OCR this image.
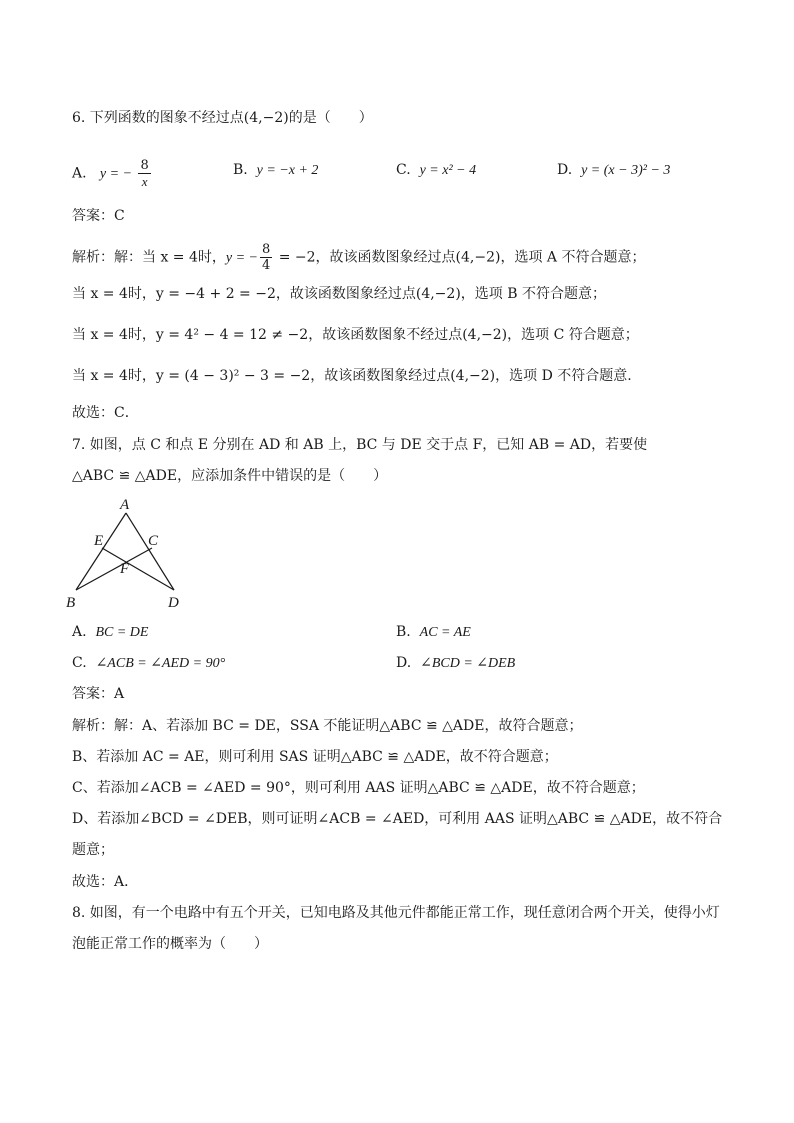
6. 下列函数的图象不经过点(4,−2)的是（　　）
A. y = − $\frac{8}{x}$	B. y = −x + 2	C. y = x² − 4	D. y = (x − 3)² − 3
答案：C
解析：解：当 x = 4时，y = − $\frac{8}{4} = -2$，故该函数图象经过点(4,−2)，选项 A 不符合题意；
当 x = 4时，y = −4 + 2 = −2，故该函数图象经过点(4,−2)，选项 B 不符合题意；
当 x = 4时，y = 4² − 4 = 12 ≠ −2，故该函数图象不经过点(4,−2)，选项 C 符合题意；
当 x = 4时，y = (4 − 3)² − 3 = −2，故该函数图象经过点(4,−2)，选项 D 不符合题意.
故选：C．
7. 如图，点 C 和点 E 分别在 AD 和 AB 上，BC 与 DE 交于点 F，已知 AB = AD，若要使
△ABC ≌ △ADE，应添加条件中错误的是（　　）
A
B
C
D
E
F
A. BC = DE	B. AC = AE
C. ∠ACB = ∠AED = 90°	D. ∠BCD = ∠DEB
答案：A
解析：解：A、若添加 BC = DE，SSA 不能证明△ABC ≌ △ADE，故符合题意；
B、若添加 AC = AE，则可利用 SAS 证明△ABC ≌ △ADE，故不符合题意；
C、若添加∠ACB = ∠AED = 90°，则可利用 AAS 证明△ABC ≌ △ADE，故不符合题意；
D、若添加∠BCD = ∠DEB，则可证明∠ACB = ∠AED，可利用 AAS 证明△ABC ≌ △ADE，故不符合
题意；
故选：A．
8. 如图，有一个电路中有五个开关，已知电路及其他元件都能正常工作，现任意闭合两个开关，使得小灯
泡能正常工作的概率为（　　）
